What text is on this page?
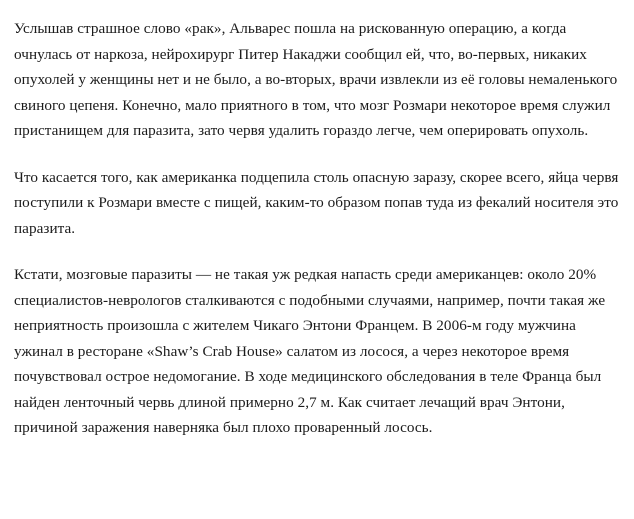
Услышав страшное слово «рак», Альварес пошла на рискованную операцию, а когда очнулась от наркоза, нейрохирург Питер Накаджи сообщил ей, что, во-первых, никаких опухолей у женщины нет и не было, а во-вторых, врачи извлекли из её головы немаленького свиного цепеня. Конечно, мало приятного в том, что мозг Розмари некоторое время служил пристанищем для паразита, зато червя удалить гораздо легче, чем оперировать опухоль.

Что касается того, как американка подцепила столь опасную заразу, скорее всего, яйца червя поступили к Розмари вместе с пищей, каким-то образом попав туда из фекалий носителя это паразита.

Кстати, мозговые паразиты — не такая уж редкая напасть среди американцев: около 20% специалистов-неврологов сталкиваются с подобными случаями, например, почти такая же неприятность произошла с жителем Чикаго Энтони Францем. В 2006-м году мужчина ужинал в ресторане «Shaw’s Crab House» салатом из лосося, а через некоторое время почувствовал острое недомогание. В ходе медицинского обследования в теле Франца был найден ленточный червь длиной примерно 2,7 м. Как считает лечащий врач Энтони, причиной заражения наверняка был плохо проваренный лосось.
